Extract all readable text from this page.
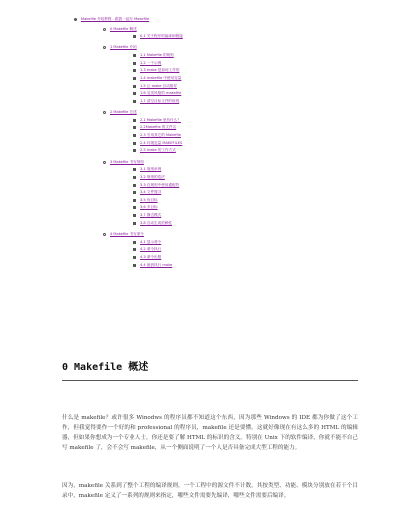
Makefile 介绍教程 - 跟我一起写 Makefile
0 Makefile 概述
0.1 关于程序的编译和链接
1 Makefile 介绍
1.1 Makefile 的规则
1.2 一个示例
1.3 make 是如何工作的
1.4 makefile 中使用变量
1.5 让 make 自动推导
1.6 另类风格的 makefile
1.7 清空目标文件的规则
2 Makefile 总述
2.1 Makefile 里有什么？
2.2Makefile 的文件名
2.3 引用其它的 Makefile
2.4 环境变量 MAKEFILES
2.5 make 的工作方式
3 Makefile 书写规则
3.1 规则举例
3.2 规则的语法
3.3 在规则中使用通配符
3.4 文件搜寻
3.5 伪目标
3.6 多目标
3.7 静态模式
3.8 自动生成依赖性
4 Makefile 书写命令
4.1 显示命令
4.2 命令执行
4.3 命令出错
4.4 嵌套执行 make
0 Makefile 概述

什么是 makefile？或许很多 Winodws 的程序员都不知道这个东西，因为那些 Windows 的 IDE 都为你做了这个工作，但我觉得要作一个好的和 professional 的程序员，makefile 还是要懂。这就好像现在有这么多的 HTML 的编辑器，但如果你想成为一个专业人士，你还是要了解 HTML 的标识的含义。特别在 Unix 下的软件编译，你就不能不自己写 makefile 了，会不会写 makefile，从一个侧面说明了一个人是否具备完成大型工程的能力。

因为，makefile 关系到了整个工程的编译规则。一个工程中的源文件不计数，其按类型、功能、模块分别放在若干个目录中，makefile 定义了一系列的规则来指定，哪些文件需要先编译，哪些文件需要后编译。
